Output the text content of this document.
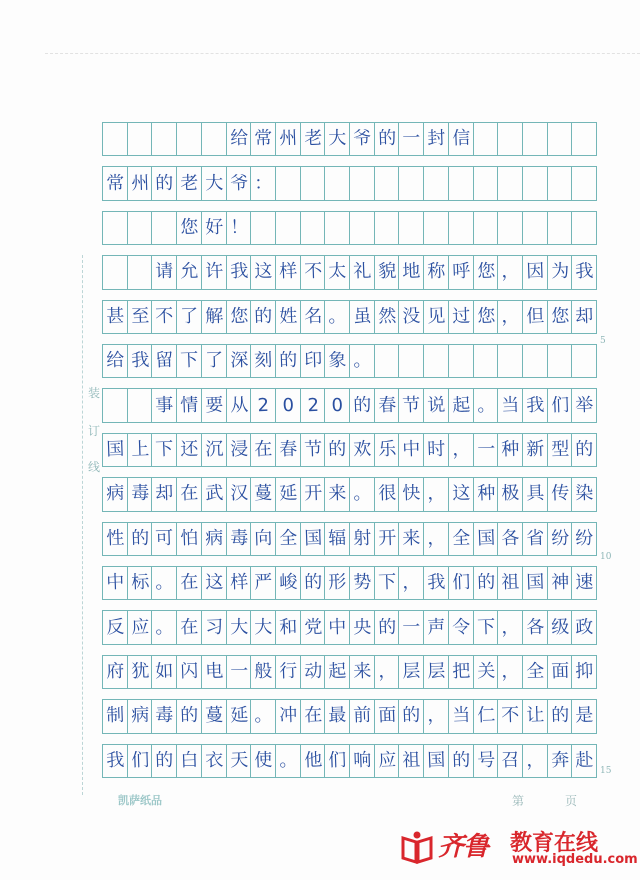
装
订
线
给 常 州 老 大 爷 的 一 封 信
常 州 的 老 大 爷 ：
您 好 ！
请 允 许 我 这 样 不 太 礼 貌 地 称 呼 您 ， 因 为 我
甚 至 不 了 解 您 的 姓 名 。 虽 然 没 见 过 您 ， 但 您 却
给 我 留 下 了 深 刻 的 印 象 。
事 情 要 从 2 0 2 0 的 春 节 说 起 。 当 我 们 举
国 上 下 还 沉 浸 在 春 节 的 欢 乐 中 时 ， 一 种 新 型 的
病 毒 却 在 武 汉 蔓 延 开 来 。 很 快 ， 这 种 极 具 传 染
性 的 可 怕 病 毒 向 全 国 辐 射 开 来 ， 全 国 各 省 纷 纷
中 标 。 在 这 样 严 峻 的 形 势 下 ， 我 们 的 祖 国 神 速
反 应 。 在 习 大 大 和 党 中 央 的 一 声 令 下 ， 各 级 政
府 犹 如 闪 电 一 般 行 动 起 来 ， 层 层 把 关 ， 全 面 抑
制 病 毒 的 蔓 延 。 冲 在 最 前 面 的 ， 当 仁 不 让 的 是
我 们 的 白 衣 天 使 。 他 们 响 应 祖 国 的 号 召 ， 奔 赴
5
10
15
凯萨纸品	第	页
齐鲁 教育在线
www.iqdedu.com
